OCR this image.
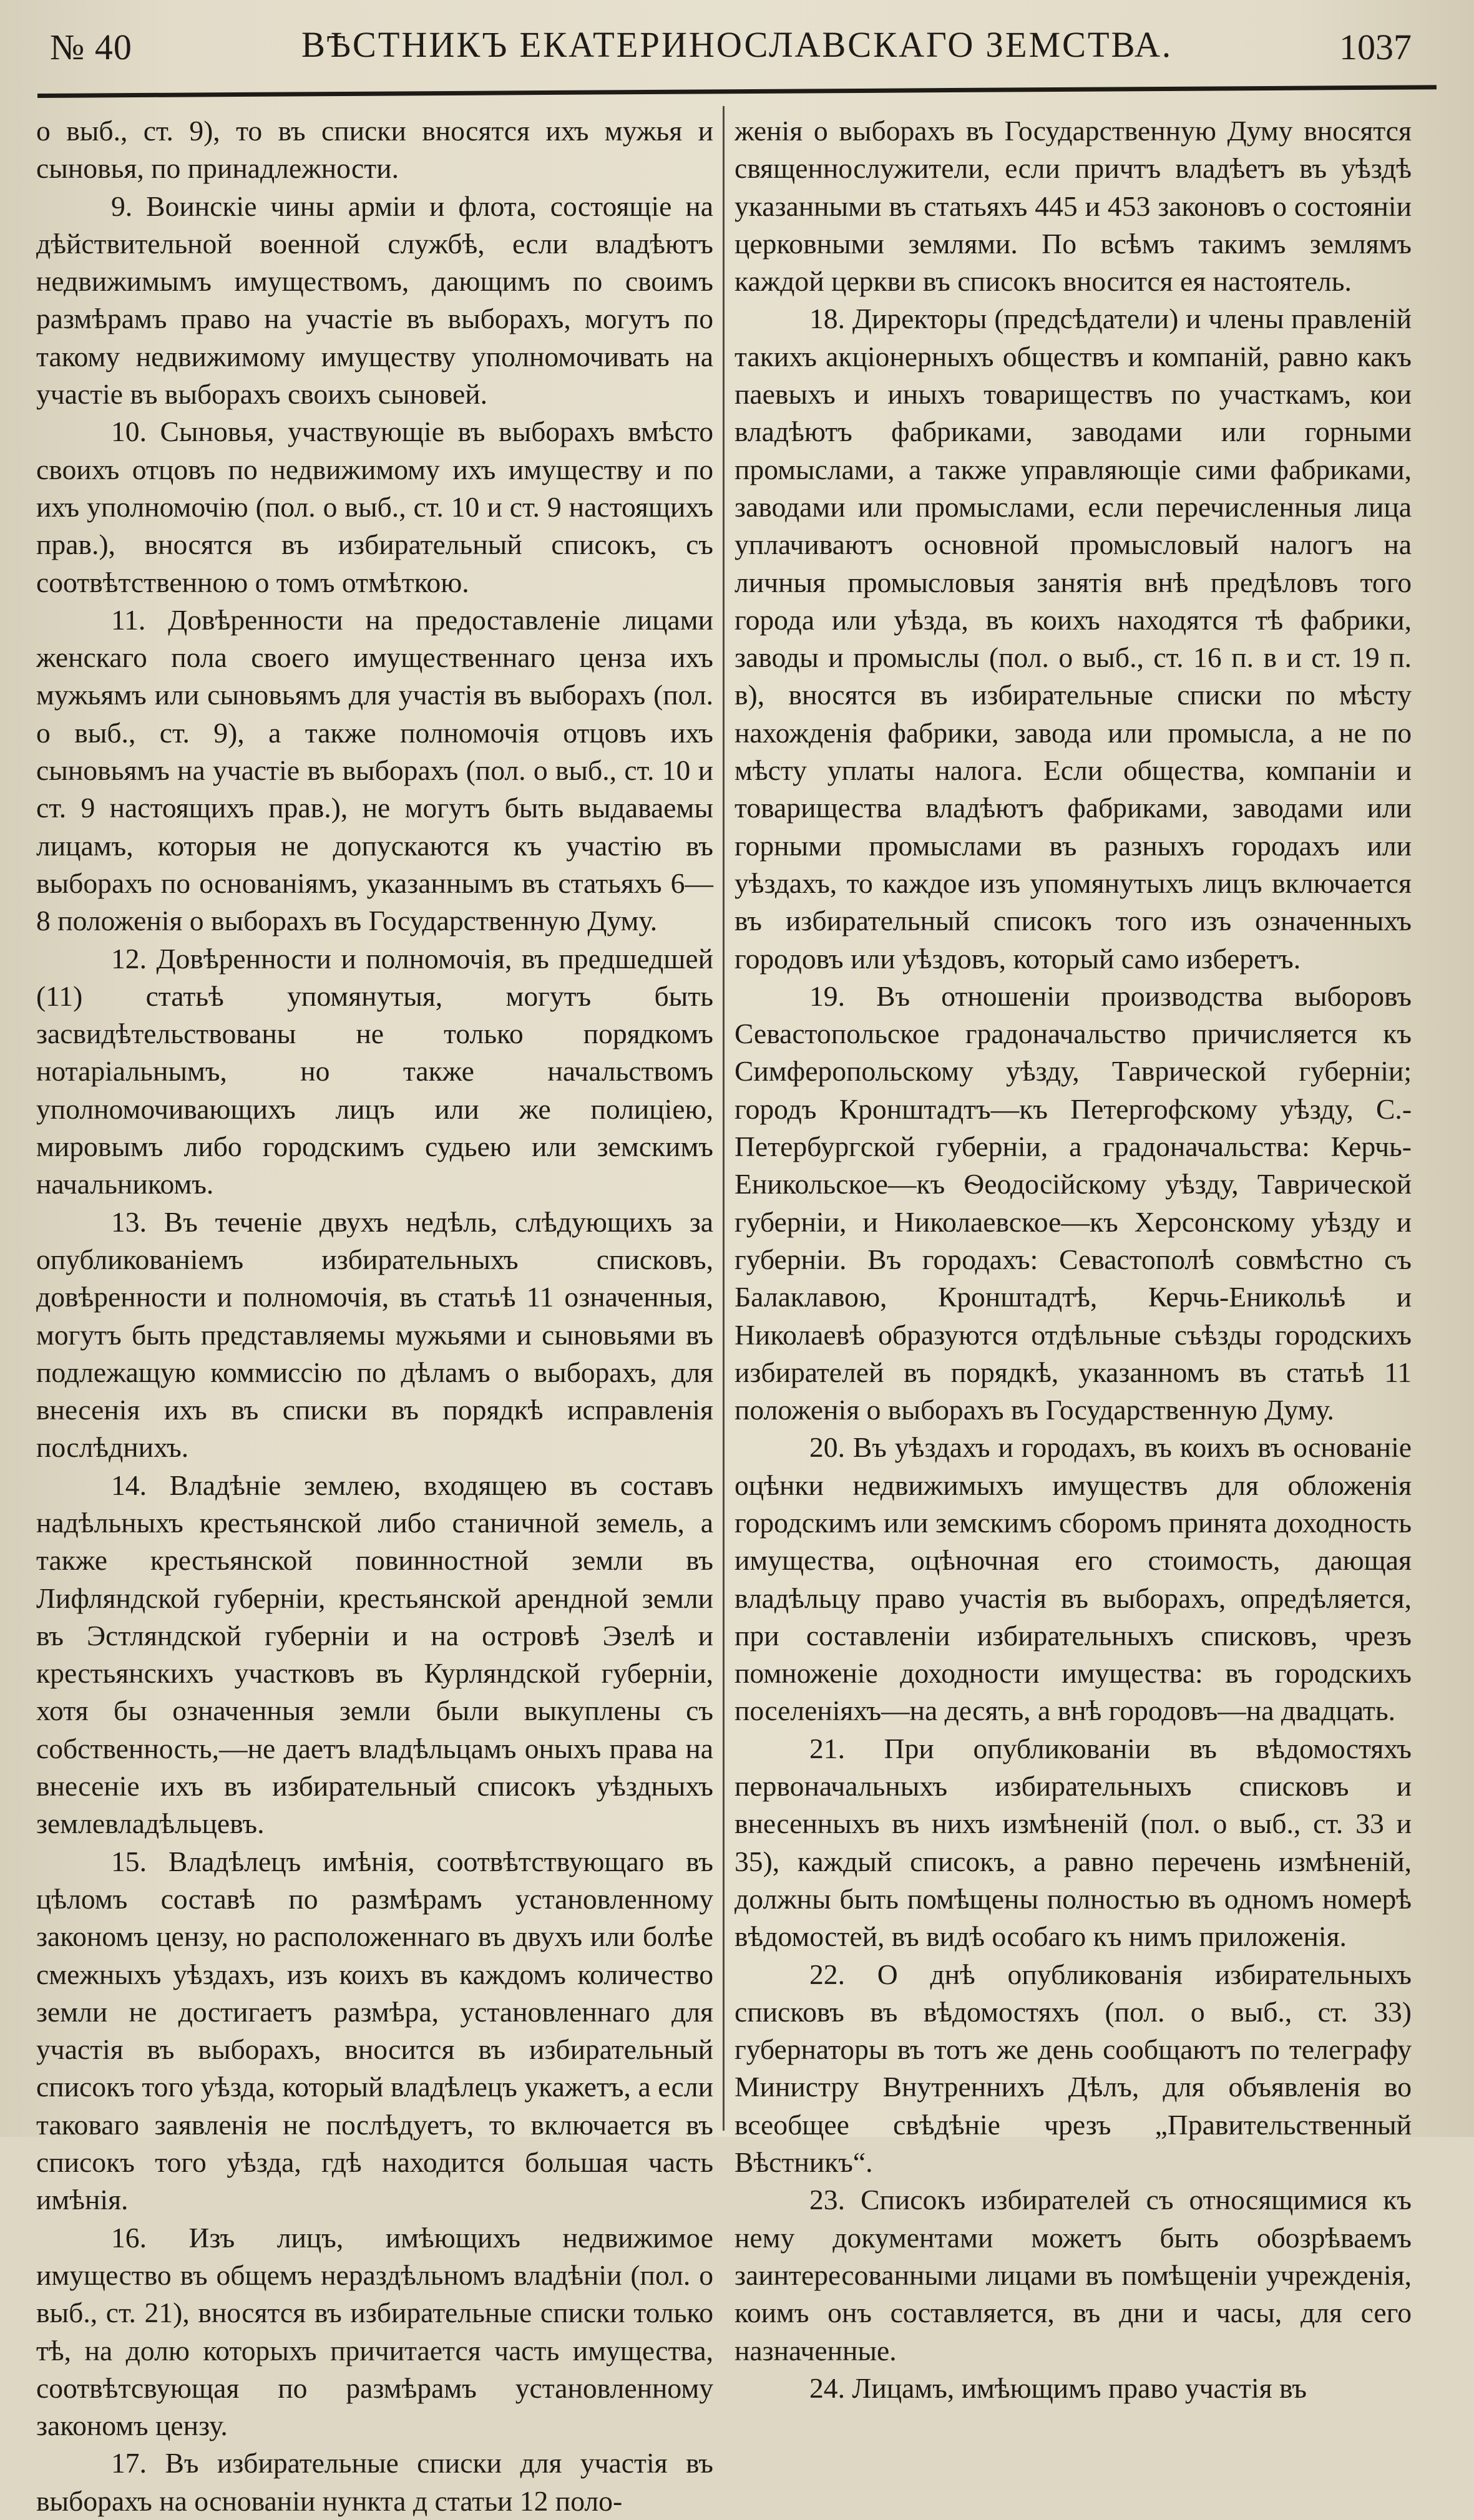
№ 40	ВѢСТНИКЪ ЕКАТЕРИНОСЛАВСКАГО ЗЕМСТВА.	1037

о выб., ст. 9), то въ списки вносятся ихъ мужья и сыновья, по принадлежности.

9. Воинскiе чины армiи и флота, состоящiе на дѣйствительной военной службѣ, если владѣютъ недвижимымъ имуществомъ, дающимъ по своимъ размѣрамъ право на участiе въ выборахъ, могутъ по такому недвижимому имуществу уполномочивать на участiе въ выборахъ своихъ сыновей.

10. Сыновья, участвующiе въ выборахъ вмѣсто своихъ отцовъ по недвижимому ихъ имуществу и по ихъ уполномочiю (пол. о выб., ст. 10 и ст. 9 настоящихъ прав.), вносятся въ избирательный списокъ, съ соотвѣтственною о томъ отмѣткою.

11. Довѣренности на предоставленiе лицами женскаго пола своего имущественнаго ценза ихъ мужьямъ или сыновьямъ для участiя въ выборахъ (пол. о выб., ст. 9), а также полномочiя отцовъ ихъ сыновьямъ на участiе въ выборахъ (пол. о выб., ст. 10 и ст. 9 настоящихъ прав.), не могутъ быть выдаваемы лицамъ, которыя не допускаются къ участiю въ выборахъ по основанiямъ, указаннымъ въ статьяхъ 6—8 положенiя о выборахъ въ Государственную Думу.

12. Довѣренности и полномочiя, въ предшедшей (11) статьѣ упомянутыя, могутъ быть засвидѣтельствованы не только порядкомъ нотарiальнымъ, но также начальствомъ уполномочивающихъ лицъ или же полицiею, мировымъ либо городскимъ судьею или земскимъ начальникомъ.

13. Въ теченiе двухъ недѣль, слѣдующихъ за опубликованiемъ избирательныхъ списковъ, довѣренности и полномочiя, въ статьѣ 11 означенныя, могутъ быть представляемы мужьями и сыновьями въ подлежащую коммиссiю по дѣламъ о выборахъ, для внесенiя ихъ въ списки въ порядкѣ исправленiя послѣднихъ.

14. Владѣнiе землею, входящею въ составъ надѣльныхъ крестьянской либо станичной земель, а также крестьянской повинностной земли въ Лифляндской губернiи, крестьянской арендной земли въ Эстляндской губернiи и на островѣ Эзелѣ и крестьянскихъ участковъ въ Курляндской губернiи, хотя бы означенныя земли были выкуплены съ собственность,—не даетъ владѣльцамъ оныхъ права на внесенiе ихъ въ избирательный списокъ уѣздныхъ землевладѣльцевъ.

15. Владѣлецъ имѣнiя, соотвѣтствующаго въ цѣломъ составѣ по размѣрамъ установленному закономъ цензу, но расположеннаго въ двухъ или болѣе смежныхъ уѣздахъ, изъ коихъ въ каждомъ количество земли не достигаетъ размѣра, установленнаго для участiя въ выборахъ, вносится въ избирательный списокъ того уѣзда, который владѣлецъ укажетъ, а если таковаго заявленiя не послѣдуетъ, то включается въ списокъ того уѣзда, гдѣ находится большая часть имѣнiя.

16. Изъ лицъ, имѣющихъ недвижимое имущество въ общемъ нераздѣльномъ владѣнiи (пол. о выб., ст. 21), вносятся въ избирательные списки только тѣ, на долю которыхъ причитается часть имущества, соотвѣтсвующая по размѣрамъ установленному закономъ цензу.

17. Въ избирательные списки для участiя въ выборахъ на основанiи нункта д статьи 12 поло-

женiя о выборахъ въ Государственную Думу вносятся священнослужители, если причтъ владѣетъ въ уѣздѣ указанными въ статьяхъ 445 и 453 законовъ о состоянiи церковными землями. По всѣмъ такимъ землямъ каждой церкви въ списокъ вносится ея настоятель.

18. Директоры (предсѣдатели) и члены правленiй такихъ акцiонерныхъ обществъ и компанiй, равно какъ паевыхъ и иныхъ товариществъ по участкамъ, кои владѣютъ фабриками, заводами или горными промыслами, а также управляющiе сими фабриками, заводами или промыслами, если перечисленныя лица уплачиваютъ основной промысловый налогъ на личныя промысловыя занятiя внѣ предѣловъ того города или уѣзда, въ коихъ находятся тѣ фабрики, заводы и промыслы (пол. о выб., ст. 16 п. в и ст. 19 п. в), вносятся въ избирательные списки по мѣсту нахожденiя фабрики, завода или промысла, а не по мѣсту уплаты налога. Если общества, компанiи и товарищества владѣютъ фабриками, заводами или горными промыслами въ разныхъ городахъ или уѣздахъ, то каждое изъ упомянутыхъ лицъ включается въ избирательный списокъ того изъ означенныхъ городовъ или уѣздовъ, который само изберетъ.

19. Въ отношенiи производства выборовъ Севастопольское градоначальство причисляется къ Симферопольскому уѣзду, Таврической губернiи; городъ Кронштадтъ—къ Петергофскому уѣзду, С.-Петербургской губернiи, а градоначальства: Керчь-Еникольское—къ Ѳеодосiйскому уѣзду, Таврической губернiи, и Николаевское—къ Херсонскому уѣзду и губернiи. Въ городахъ: Севастополѣ совмѣстно съ Балаклавою, Кронштадтѣ, Керчь-Еникольѣ и Николаевѣ образуются отдѣльные съѣзды городскихъ избирателей въ порядкѣ, указанномъ въ статьѣ 11 положенiя о выборахъ въ Государственную Думу.

20. Въ уѣздахъ и городахъ, въ коихъ въ основанiе оцѣнки недвижимыхъ имуществъ для обложенiя городскимъ или земскимъ сборомъ принята доходность имущества, оцѣночная его стоимость, дающая владѣльцу право участiя въ выборахъ, опредѣляется, при составленiи избирательныхъ списковъ, чрезъ помноженiе доходности имущества: въ городскихъ поселенiяхъ—на десять, а внѣ городовъ—на двадцать.

21. При опубликованiи въ вѣдомостяхъ первоначальныхъ избирательныхъ списковъ и внесенныхъ въ нихъ измѣненiй (пол. о выб., ст. 33 и 35), каждый списокъ, а равно перечень измѣненiй, должны быть помѣщены полностью въ одномъ номерѣ вѣдомостей, въ видѣ особаго къ нимъ приложенiя.

22. О днѣ опубликованiя избирательныхъ списковъ въ вѣдомостяхъ (пол. о выб., ст. 33) губернаторы въ тотъ же день сообщаютъ по телеграфу Министру Внутреннихъ Дѣлъ, для объявленiя во всеобщее свѣдѣнiе чрезъ „Правительственный Вѣстникъ“.

23. Списокъ избирателей съ относящимися къ нему документами можетъ быть обозрѣваемъ заинтересованными лицами въ помѣщенiи учрежденiя, коимъ онъ составляется, въ дни и часы, для сего назначенные.

24. Лицамъ, имѣющимъ право участiя въ
